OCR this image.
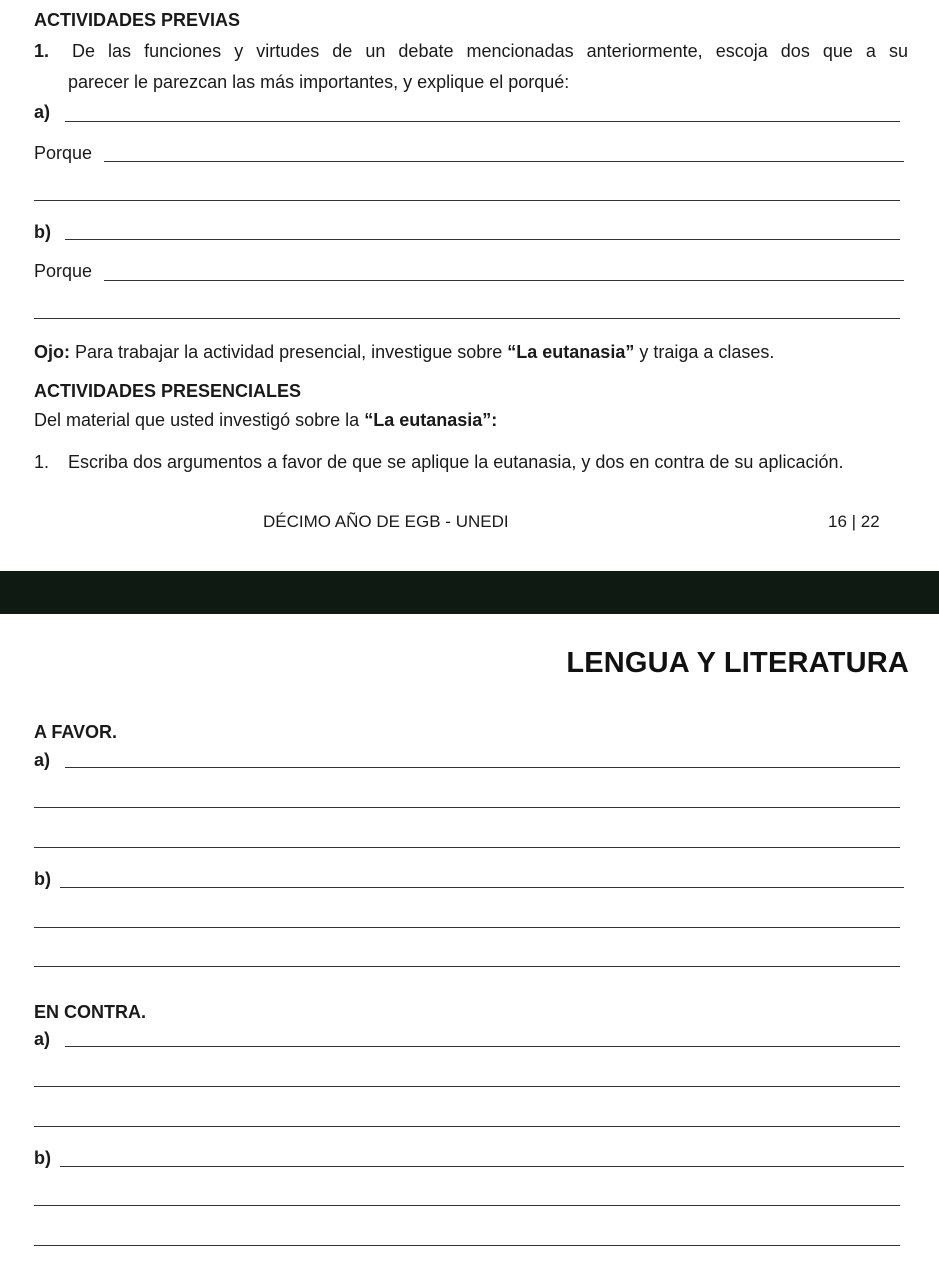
ACTIVIDADES PREVIAS
1. De las funciones y virtudes de un debate mencionadas anteriormente, escoja dos que a su
parecer le parezcan las más importantes, y explique el porqué:
a)
Porque
b)
Porque
Ojo: Para trabajar la actividad presencial, investigue sobre “La eutanasia” y traiga a clases.
ACTIVIDADES PRESENCIALES
Del material que usted investigó sobre la “La eutanasia”:
1. Escriba dos argumentos a favor de que se aplique la eutanasia, y dos en contra de su aplicación.
DÉCIMO AÑO DE EGB - UNEDI	16 | 22
LENGUA Y LITERATURA
A FAVOR.
a)
b)
EN CONTRA.
a)
b)
